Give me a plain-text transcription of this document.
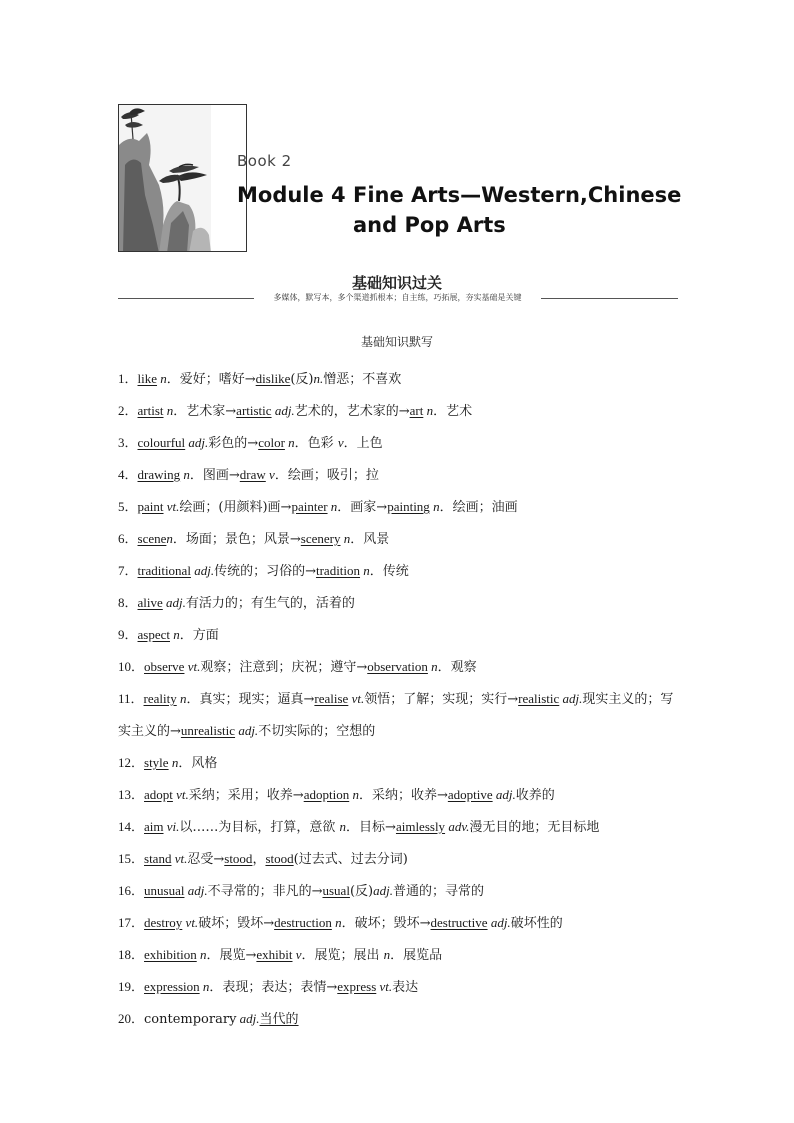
Book 2
Module 4 Fine Arts—Western,Chinese
and Pop Arts
基础知识过关
多媒体，默写本，多个渠道抓根本；自主练，巧拓展，夯实基础是关键
基础知识默写
1．like n．爱好；嗜好→dislike(反)n.憎恶；不喜欢
2．artist n．艺术家→artistic adj.艺术的，艺术家的→art n．艺术
3．colourful adj.彩色的→color n．色彩 v．上色
4．drawing n．图画→draw v．绘画；吸引；拉
5．paint vt.绘画；(用颜料)画→painter n．画家→painting n．绘画；油画
6．scenen．场面；景色；风景→scenery n．风景
7．traditional adj.传统的；习俗的→tradition n．传统
8．alive adj.有活力的；有生气的，活着的
9．aspect n．方面
10．observe vt.观察；注意到；庆祝；遵守→observation n．观察
11．reality n．真实；现实；逼真→realise vt.领悟；了解；实现；实行→realistic adj.现实主义的；写实主义的→unrealistic adj.不切实际的；空想的
12．style n．风格
13．adopt vt.采纳；采用；收养→adoption n．采纳；收养→adoptive adj.收养的
14．aim vi.以……为目标，打算，意欲 n．目标→aimlessly adv.漫无目的地；无目标地
15．stand vt.忍受→stood，stood(过去式、过去分词)
16．unusual adj.不寻常的；非凡的→usual(反)adj.普通的；寻常的
17．destroy vt.破坏；毁坏→destruction n．破坏；毁坏→destructive adj.破坏性的
18．exhibition n．展览→exhibit v．展览；展出 n．展览品
19．expression n．表现；表达；表情→express vt.表达
20．contemporary adj.当代的
